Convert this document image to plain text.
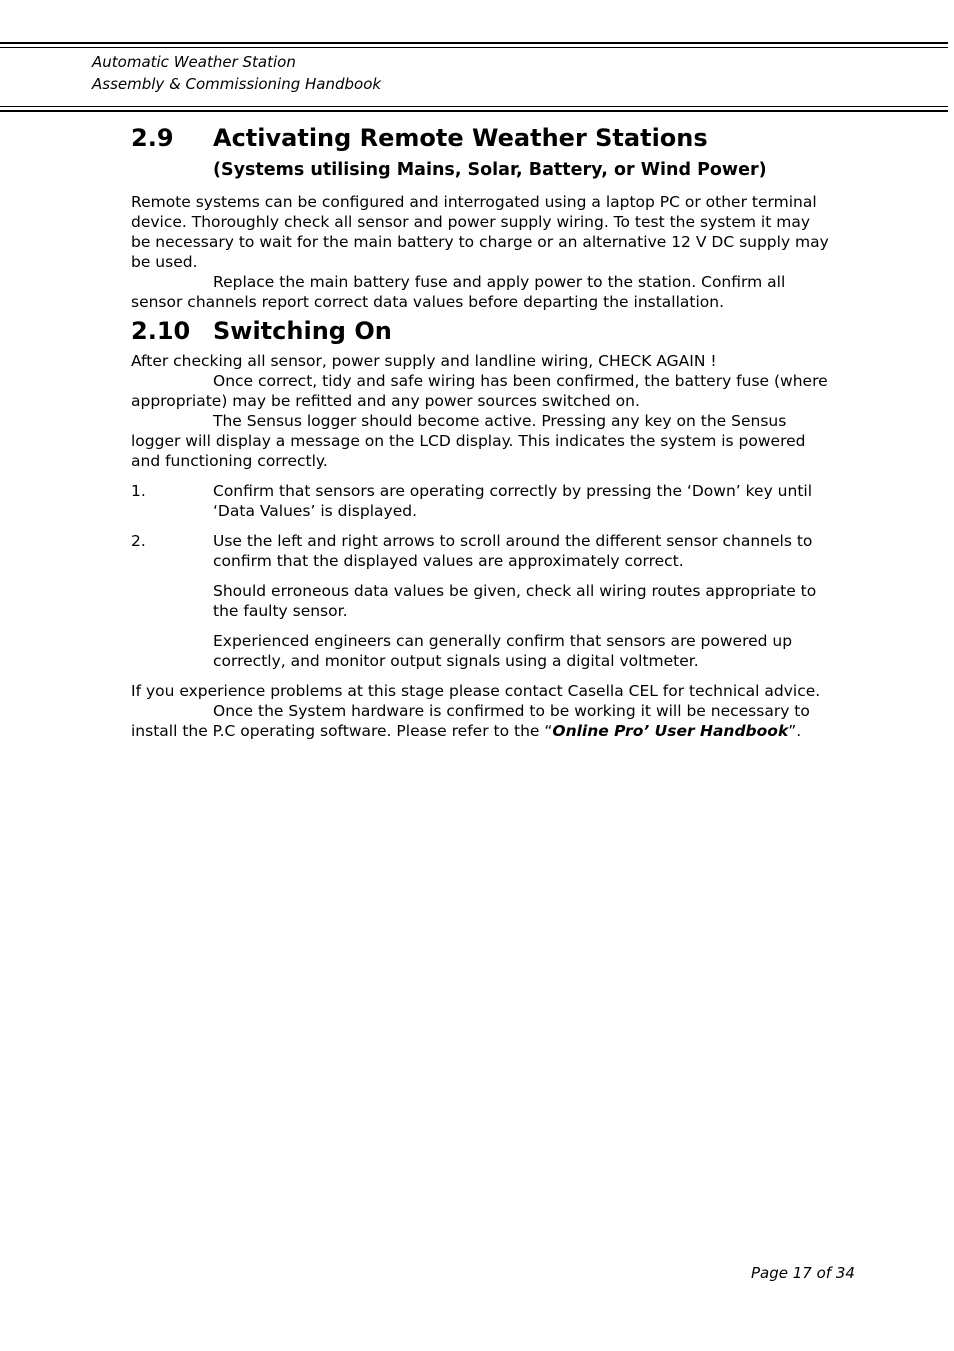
Automatic Weather Station
Assembly & Commissioning Handbook
2.9 Activating Remote Weather Stations
(Systems utilising Mains, Solar, Battery, or Wind Power)

Remote systems can be configured and interrogated using a laptop PC or other terminal device. Thoroughly check all sensor and power supply wiring. To test the system it may be necessary to wait for the main battery to charge or an alternative 12 V DC supply may be used.

Replace the main battery fuse and apply power to the station. Confirm all sensor channels report correct data values before departing the installation.

2.10 Switching On

After checking all sensor, power supply and landline wiring, CHECK AGAIN !

Once correct, tidy and safe wiring has been confirmed, the battery fuse (where appropriate) may be refitted and any power sources switched on.

The Sensus logger should become active. Pressing any key on the Sensus logger will display a message on the LCD display. This indicates the system is powered and functioning correctly.

1.	Confirm that sensors are operating correctly by pressing the ‘Down’ key until ‘Data Values’ is displayed.
2.	Use the left and right arrows to scroll around the different sensor channels to confirm that the displayed values are approximately correct.
Should erroneous data values be given, check all wiring routes appropriate to the faulty sensor.
Experienced engineers can generally confirm that sensors are powered up correctly, and monitor output signals using a digital voltmeter.

If you experience problems at this stage please contact Casella CEL for technical advice.

Once the System hardware is confirmed to be working it will be necessary to install the P.C operating software. Please refer to the “Online Pro’ User Handbook”.

Page 17 of 34
